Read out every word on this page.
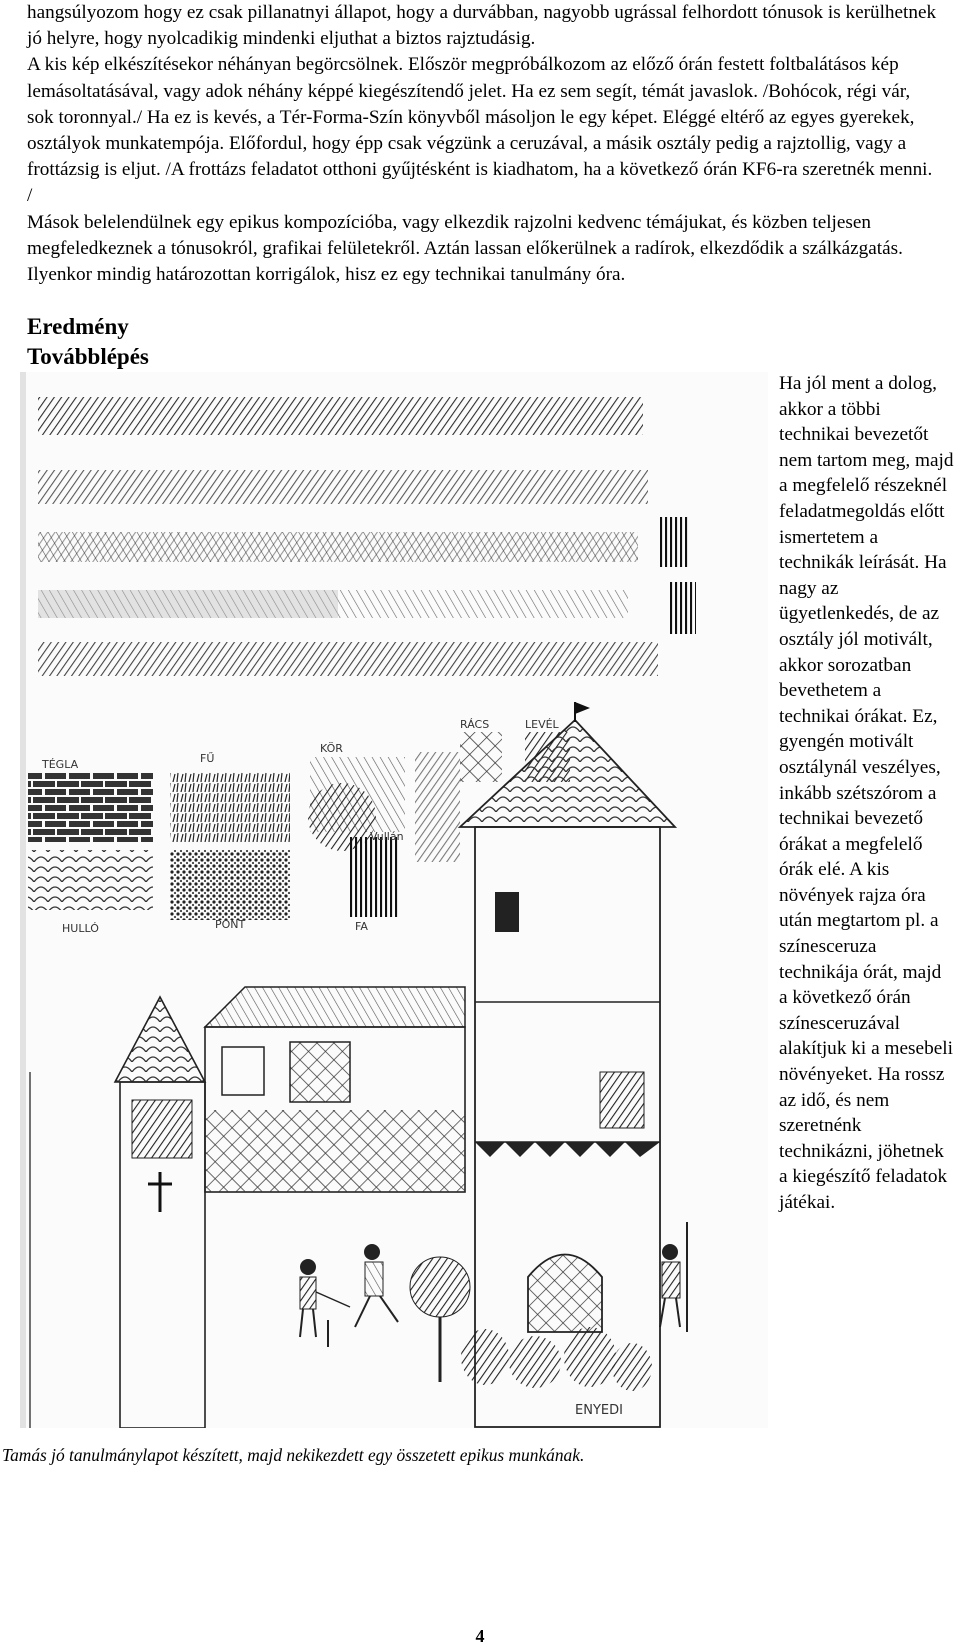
hangsúlyozom hogy ez csak pillanatnyi állapot, hogy a durvábban, nagyobb ugrással felhordott tónusok is kerülhetnek jó helyre, hogy nyolcadikig mindenki eljuthat a biztos rajztudásig.

A kis kép elkészítésekor néhányan begörcsölnek. Először megpróbálkozom az előző órán festett foltbalátásos kép lemásoltatásával, vagy adok néhány képpé kiegészítendő jelet. Ha ez sem segít, témát javaslok. /Bohócok, régi vár, sok toronnyal./ Ha ez is kevés, a Tér-Forma-Szín könyvből másoljon le egy képet. Eléggé eltérő az egyes gyerekek, osztályok munkatempója. Előfordul, hogy épp csak végzünk a ceruzával, a másik osztály pedig a rajztollig, vagy a frottázsig is eljut. /A frottázs feladatot otthoni gyűjtésként is kiadhatom, ha a következő órán KF6-ra szeretnék menni. /

Mások belelendülnek egy epikus kompozícióba, vagy elkezdik rajzolni kedvenc témájukat, és közben teljesen megfeledkeznek a tónusokról, grafikai felületekről. Aztán lassan előkerülnek a radírok, elkezdődik a szálkázgatás. Ilyenkor mindig határozottan korrigálok, hisz ez egy technikai tanulmány óra.

Eredmény
Továbblépés
TÉGLA	FŰ
KÖR
RÁCS	LEVÉL
Vullán
FA
HULLÓ	PONT
ENYEDI
Ha jól ment a dolog, akkor a többi technikai bevezetőt nem tartom meg, majd a megfelelő részeknél feladatmegoldás előtt ismertetem a technikák leírását. Ha nagy az ügyetlenkedés, de az osztály jól motivált, akkor sorozatban bevethetem a technikai órákat. Ez, gyengén motivált osztálynál veszélyes, inkább szétszórom a technikai bevezető órákat a megfelelő órák elé. A kis növények rajza óra után megtartom pl. a színesceruza technikája órát, majd a következő órán színesceruzával alakítjuk ki a mesebeli növényeket. Ha rossz az idő, és nem szeretnénk technikázni, jöhetnek a kiegészítő feladatok játékai.
Tamás jó tanulmánylapot készített, majd nekikezdett egy összetett epikus munkának.
4
